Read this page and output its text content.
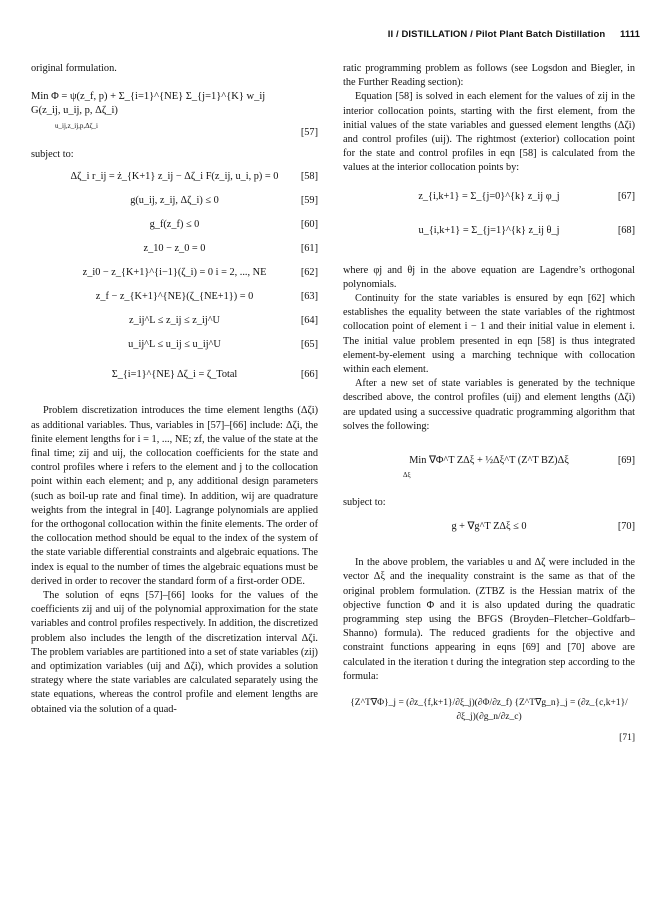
II / DISTILLATION / Pilot Plant Batch Distillation 1111

original formulation.

Min Φ = ψ(z_f, p) + Σ_{i=1}^{NE} Σ_{j=1}^{K} w_ij G(z_ij, u_ij, p, Δζ_i)
u_ij,z_ij,p,Δζ_i
[57]

subject to:

Δζ_i r_ij = ż_{K+1} z_ij − Δζ_i F(z_ij, u_i, p) = 0 [58]
g(u_ij, z_ij, Δζ_i) ≤ 0	[59]
g_f(z_f) ≤ 0	[60]
z_10 − z_0 = 0	[61]
z_i0 − z_{K+1}^{i−1}(ζ_i) = 0 i = 2, ..., NE	[62]
z_f − z_{K+1}^{NE}(ζ_{NE+1}) = 0	[63]
z_ij^L ≤ z_ij ≤ z_ij^U	[64]
u_ij^L ≤ u_ij ≤ u_ij^U	[65]
Σ_{i=1}^{NE} Δζ_i = ζ_Total	[66]

Problem discretization introduces the time element lengths (Δζi) as additional variables. Thus, variables in [57]–[66] include: Δζi, the finite element lengths for i = 1, ..., NE; zf, the value of the state at the final time; zij and uij, the collocation coefficients for the state and control profiles where i refers to the element and j to the collocation point within each element; and p, any additional design parameters (such as boil-up rate and final time). In addition, wij are quadrature weights from the integral in [40]. Lagrange polynomials are applied for the orthogonal collocation within the finite elements. The order of the collocation method should be equal to the index of the system of the state variable differential constraints and algebraic equations. The index is equal to the number of times the algebraic equations must be derived in order to recover the standard form of a first-order ODE.

The solution of eqns [57]–[66] looks for the values of the coefficients zij and uij of the polynomial approximation for the state variables and control profiles respectively. In addition, the discretized problem also includes the length of the discretization interval Δζi. The problem variables are partitioned into a set of state variables (zij) and optimization variables (uij and Δζi), which provides a solution strategy where the state variables are calculated separately using the state equations, whereas the control profile and element lengths are obtained via the solution of a quad-

ratic programming problem as follows (see Logsdon and Biegler, in the Further Reading section):

Equation [58] is solved in each element for the values of zij in the interior collocation points, starting with the first element, from the initial values of the state variables and guessed element lengths (Δζi) and control profiles (uij). The rightmost (exterior) collocation point for the state and control profiles in eqn [58] is calculated from the values at the interior collocation points by:

z_{i,k+1} = Σ_{j=0}^{k} z_ij φ_j	[67]
u_{i,k+1} = Σ_{j=1}^{k} z_ij θ_j	[68]

where φj and θj in the above equation are Lagendre’s orthogonal polynomials.

Continuity for the state variables is ensured by eqn [62] which establishes the equality between the state variables of the rightmost collocation point of element i − 1 and their initial value in element i. The initial value problem presented in eqn [58] is thus integrated element-by-element using a marching technique with collocation within each element.

After a new set of state variables is generated by the technique described above, the control profiles (uij) and element lengths (Δζi) are updated using a successive quadratic programming algorithm that solves the following:

Min ∇Φ^T ZΔξ + ½Δξ^T (Z^T BZ)Δξ
Δξ
[69]

subject to:

g + ∇g^T ZΔξ ≤ 0	[70]

In the above problem, the variables u and Δζ were included in the vector Δξ and the inequality constraint is the same as that of the original problem formulation. (ZTBZ is the Hessian matrix of the objective function Φ and it is also updated during the quadratic programming step using the BFGS (Broyden–Fletcher–Goldfarb–Shanno) formula). The reduced gradients for the objective and constraint functions appearing in eqns [69] and [70] above are calculated in the iteration t during the integration step according to the formula:

{Z^T∇Φ}_j = (∂z_{f,k+1}/∂ξ_j)(∂Φ/∂z_f) {Z^T∇g_n}_j = (∂z_{c,k+1}/∂ξ_j)(∂g_n/∂z_c)
[71]
